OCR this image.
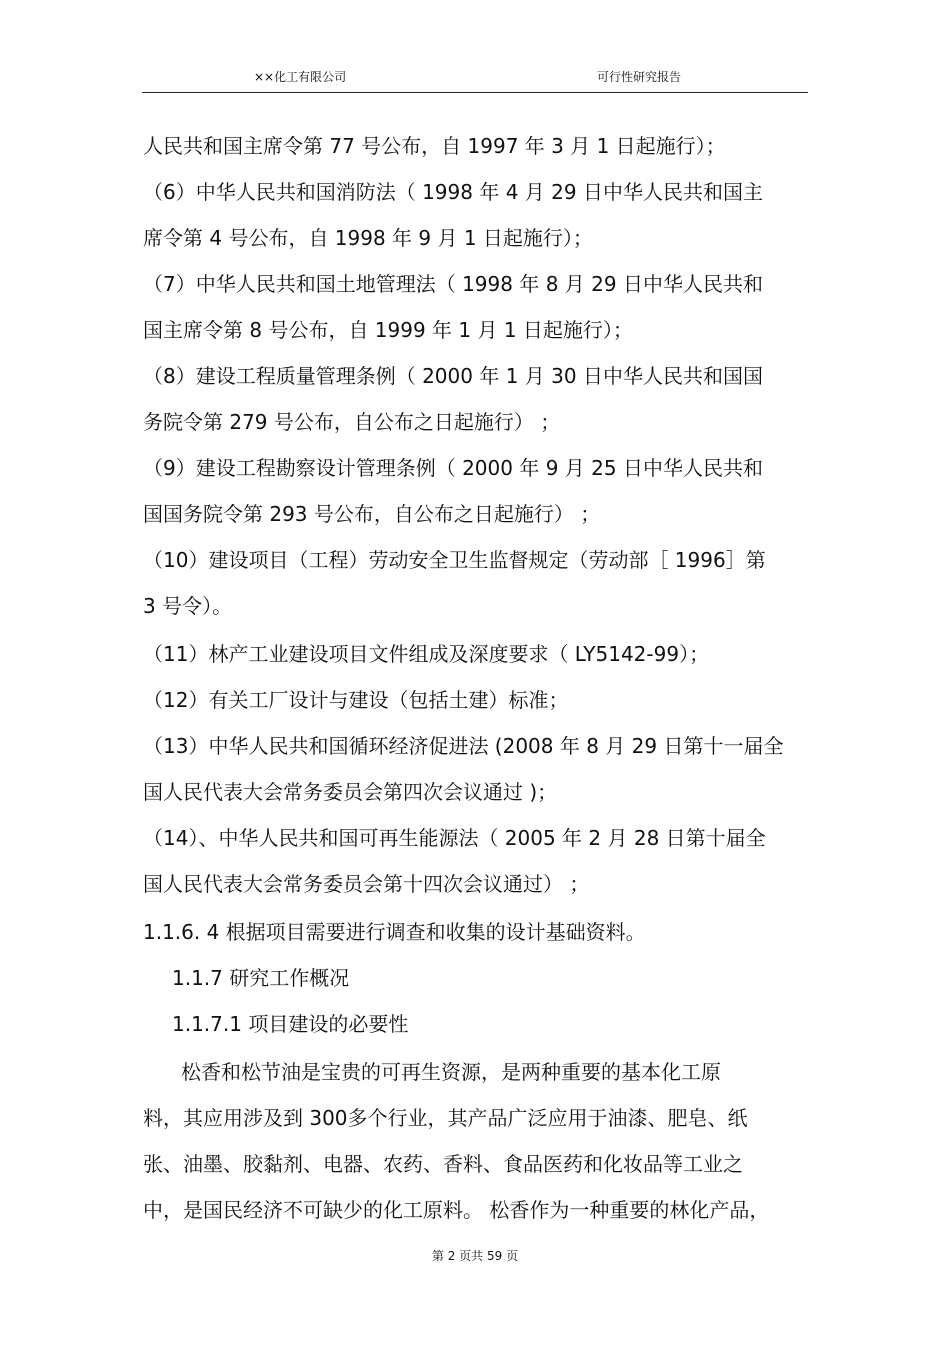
××化工有限公司	可行性研究报告
人民共和国主席令第 77 号公布，自 1997 年 3 月 1 日起施行）；
（6）中华人民共和国消防法（ 1998 年 4 月 29 日中华人民共和国主
席令第 4 号公布，自 1998 年 9 月 1 日起施行）；
（7）中华人民共和国土地管理法（ 1998 年 8 月 29 日中华人民共和
国主席令第 8 号公布，自 1999 年 1 月 1 日起施行）；
（8）建设工程质量管理条例（ 2000 年 1 月 30 日中华人民共和国国
务院令第 279 号公布，自公布之日起施行） ；
（9）建设工程勘察设计管理条例（ 2000 年 9 月 25 日中华人民共和
国国务院令第 293 号公布，自公布之日起施行） ；
（10）建设项目（工程）劳动安全卫生监督规定（劳动部［ 1996］第
3 号令）。
（11）林产工业建设项目文件组成及深度要求（ LY5142-99）；
（12）有关工厂设计与建设（包括土建）标准；
（13）中华人民共和国循环经济促进法 (2008 年 8 月 29 日第十一届全
国人民代表大会常务委员会第四次会议通过 )；
（14）、中华人民共和国可再生能源法（ 2005 年 2 月 28 日第十届全
国人民代表大会常务委员会第十四次会议通过） ；
1.1.6. 4 根据项目需要进行调查和收集的设计基础资料。
1.1.7 研究工作概况
1.1.7.1 项目建设的必要性
松香和松节油是宝贵的可再生资源，是两种重要的基本化工原
料，其应用涉及到 300多个行业，其产品广泛应用于油漆、肥皂、纸
张、油墨、胶黏剂、电器、农药、香料、食品医药和化妆品等工业之
中，是国民经济不可缺少的化工原料。 松香作为一种重要的林化产品，
第 2 页共 59 页
